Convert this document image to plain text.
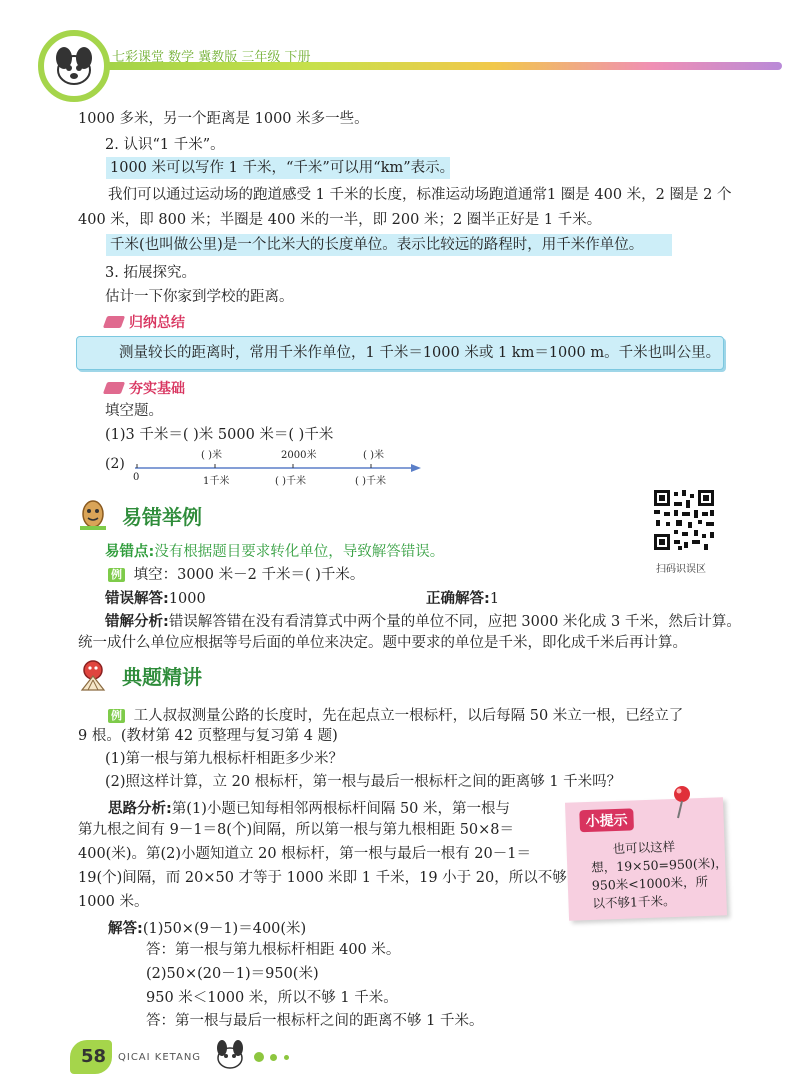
七彩课堂 数学 冀教版 三年级 下册
1000 多米，另一个距离是 1000 米多一些。
2. 认识“1 千米”。
1000 米可以写作 1 千米，“千米”可以用“km”表示。
我们可以通过运动场的跑道感受 1 千米的长度，标准运动场跑道通常1 圈是 400 米，2 圈是 2 个
400 米，即 800 米；半圈是 400 米的一半，即 200 米；2 圈半正好是 1 千米。
千米(也叫做公里)是一个比米大的长度单位。表示比较远的路程时，用千米作单位。
3. 拓展探究。
估计一下你家到学校的距离。
归纳总结
测量较长的距离时，常用千米作单位，1 千米＝1000 米或 1 km＝1000 m。千米也叫公里。
夯实基础
填空题。
(1)3 千米＝( )米 5000 米＝( )千米
(2)
( )米	2000米	( )米
0	1千米	( )千米	( )千米
易错举例
易错点:没有根据题目要求转化单位，导致解答错误。
例 填空：3000 米－2 千米＝( )千米。
错误解答:1000	正确解答:1
错解分析:错误解答错在没有看清算式中两个量的单位不同，应把 3000 米化成 3 千米，然后计算。
统一成什么单位应根据等号后面的单位来决定。题中要求的单位是千米，即化成千米后再计算。
扫码识误区
典题精讲
例 工人叔叔测量公路的长度时，先在起点立一根标杆，以后每隔 50 米立一根，已经立了
9 根。(教材第 42 页整理与复习第 4 题)
(1)第一根与第九根标杆相距多少米？
(2)照这样计算，立 20 根标杆，第一根与最后一根标杆之间的距离够 1 千米吗？
思路分析:第(1)小题已知每相邻两根标杆间隔 50 米，第一根与
第九根之间有 9－1＝8(个)间隔，所以第一根与第九根相距 50×8＝
400(米)。第(2)小题知道立 20 根标杆，第一根与最后一根有 20－1＝
19(个)间隔，而 20×50 才等于 1000 米即 1 千米，19 小于 20，所以不够
1000 米。
解答:(1)50×(9－1)＝400(米)
答：第一根与第九根标杆相距 400 米。
(2)50×(20－1)＝950(米)
950 米＜1000 米，所以不够 1 千米。
答：第一根与最后一根标杆之间的距离不够 1 千米。
小提示
也可以这样
想，19×50=950(米)，
950米<1000米，所
以不够1千米。
58 QICAI KETANG
